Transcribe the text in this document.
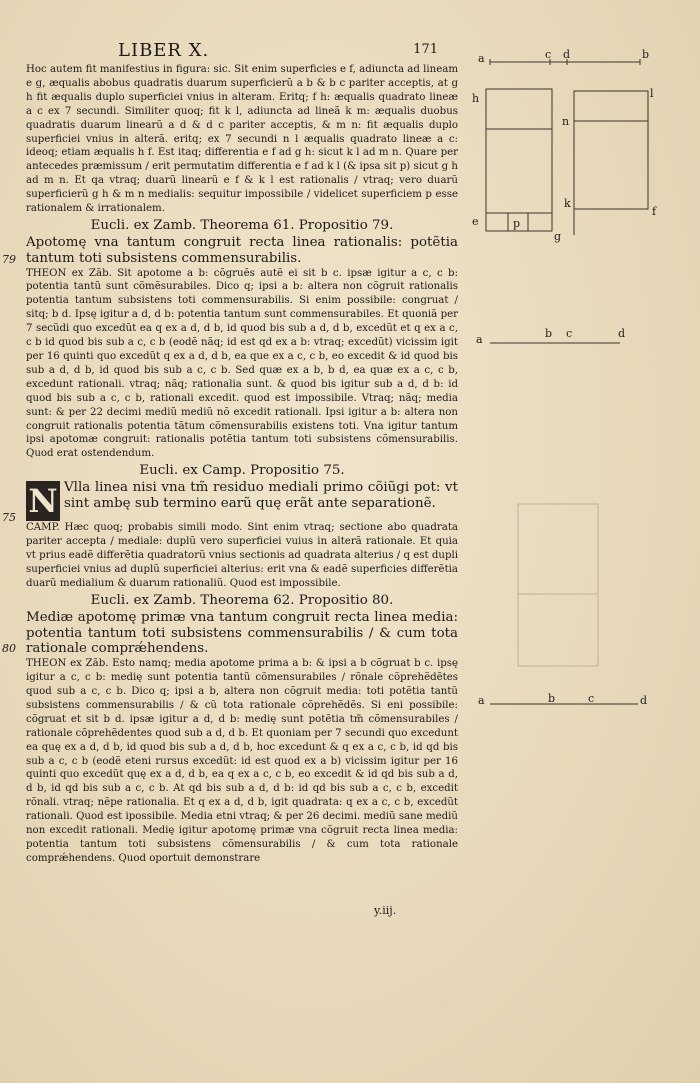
LIBER X.	171
79
75
80

Hoc autem fit manifestius in figura: sic. Sit enim superficies e f, adiuncta ad lineam e g, æqualis abobus quadratis duarum superficierũ a b & b c pariter acceptis, at g h fit æqualis duplo superficiei vnius in alteram. Eritq; f h: æqualis quadrato lineæ a c ex 7 secundi. Similiter quoq; fit k l, adiuncta ad lineã k m: æqualis duobus quadratis duarum linearũ a d & d c pariter acceptis, & m n: fit æqualis duplo superficiei vnius in alterã. eritq; ex 7 secundi n l æqualis quadrato lineæ a c: ideoq; etiam æqualis h f. Est itaq; differentia e f ad g h: sicut k l ad m n. Quare per antecedes præmissum / erit permutatim differentia e f ad k l (& ipsa sit p) sicut g h ad m n. Et qa vtraq; duarũ linearũ e f & k l est rationalis / vtraq; vero duarũ superficierũ g h & m n medialis: sequitur impossibile / videlicet superficiem p esse rationalem & irrationalem.

Eucli. ex Zamb. Theorema 61. Propositio 79.

Apotomę vna tantum congruit recta linea rationalis: potẽtia tantum toti subsistens commensurabilis.

THEON ex Zãb. Sit apotome a b: cõgruẽs autẽ ei sit b c. ipsæ igitur a c, c b: potentia tantũ sunt cõmẽsurabiles. Dico q; ipsi a b: altera non cõgruit rationalis potentia tantum subsistens toti commensurabilis. Si enim possibile: congruat / sitq; b d. Ipsę igitur a d, d b: potentia tantum sunt commensurabiles. Et quoniã per 7 secũdi quo excedũt ea q ex a d, d b, id quod bis sub a d, d b, excedũt et q ex a c, c b id quod bis sub a c, c b (eodẽ nãq; id est qd ex a b: vtraq; excedũt) vicissim igit per 16 quinti quo excedũt q ex a d, d b, ea que ex a c, c b, eo excedit & id quod bis sub a d, d b, id quod bis sub a c, c b. Sed quæ ex a b, b d, ea quæ ex a c, c b, excedunt rationali. vtraq; nãq; rationalia sunt. & quod bis igitur sub a d, d b: id quod bis sub a c, c b, rationali excedit. quod est impossibile. Vtraq; nãq; media sunt: & per 22 decimi mediũ mediũ nõ excedit rationali. Ipsi igitur a b: altera non congruit rationalis potentia tãtum cõmensurabilis existens toti. Vna igitur tantum ipsi apotomæ congruit: rationalis potẽtia tantum toti subsistens cõmensurabilis. Quod erat ostendendum.

Eucli. ex Camp. Propositio 75.

N Vlla linea nisi vna tm̃ residuo mediali primo cõiũgi pot: vt sint ambę sub termino earũ quę erãt ante separationẽ.

CAMP. Hæc quoq; probabis simili modo. Sint enim vtraq; sectione abo quadrata pariter accepta / mediale: duplũ vero superficiei vuius in alterã rationale. Et quia vt prius eadẽ differẽtia quadratorũ vnius sectionis ad quadrata alterius / q est dupli superficiei vnius ad duplũ superficiei alterius: erit vna & eadẽ superficies differẽtia duarũ medialium & duarum rationaliũ. Quod est impossibile.

Eucli. ex Zamb. Theorema 62. Propositio 80.

Mediæ apotomę primæ vna tantum congruit recta linea media: potentia tantum toti subsistens commensurabilis / & cum tota rationale comprǽhendens.

THEON ex Zãb. Esto namq; media apotome prima a b: & ipsi a b cõgruat b c. ipsę igitur a c, c b: medię sunt potentia tantũ cõmensurabiles / rõnale cõprehẽdẽtes quod sub a c, c b. Dico q; ipsi a b, altera non cõgruit media: toti potẽtia tantũ subsistens commensurabilis / & cũ tota rationale cõprehẽdẽs. Si eni possibile: cõgruat et sit b d. ipsæ igitur a d, d b: medię sunt potẽtia tm̃ cõmensurabiles / rationale cõprehẽdentes quod sub a d, d b. Et quoniam per 7 secundi quo excedunt ea quę ex a d, d b, id quod bis sub a d, d b, hoc excedunt & q ex a c, c b, id qd bis sub a c, c b (eodẽ eteni rursus excedũt: id est quod ex a b) vicissim igitur per 16 quinti quo excedũt quę ex a d, d b, ea q ex a c, c b, eo excedit & id qd bis sub a d, d b, id qd bis sub a c, c b. At qd bis sub a d, d b: id qd bis sub a c, c b, excedit rõnali. vtraq; nẽpe rationalia. Et q ex a d, d b, igit quadrata: q ex a c, c b, excedũt rationali. Quod est ipossibile. Media etni vtraq; & per 26 decimi. mediũ sane mediũ non excedit rationali. Medię igitur apotomę primæ vna cõgruit recta linea media: potentia tantum toti subsistens cõmensurabilis / & cum tota rationale comprǽhendens. Quod oportuit demonstrare

y.iij.
a	c d	b
h
e	p
g
l
n
k
f
a	b c	d
a	b	c	d
